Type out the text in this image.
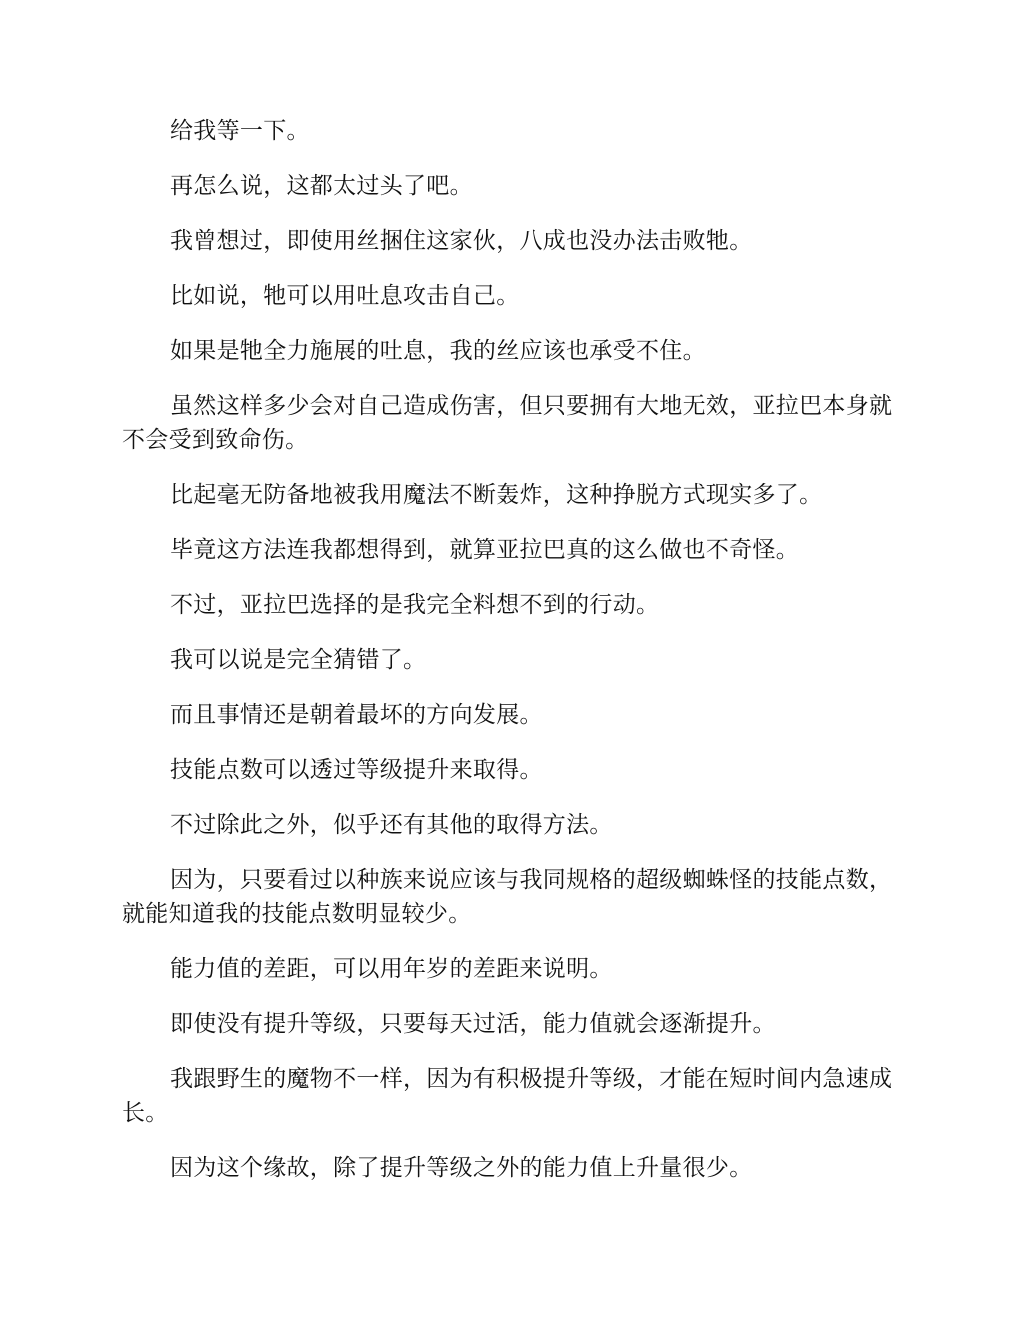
给我等一下。

再怎么说，这都太过头了吧。

我曾想过，即使用丝捆住这家伙，八成也没办法击败牠。

比如说，牠可以用吐息攻击自己。

如果是牠全力施展的吐息，我的丝应该也承受不住。

虽然这样多少会对自己造成伤害，但只要拥有大地无效，亚拉巴本身就不会受到致命伤。

比起毫无防备地被我用魔法不断轰炸，这种挣脱方式现实多了。

毕竟这方法连我都想得到，就算亚拉巴真的这么做也不奇怪。

不过，亚拉巴选择的是我完全料想不到的行动。

我可以说是完全猜错了。

而且事情还是朝着最坏的方向发展。

技能点数可以透过等级提升来取得。

不过除此之外，似乎还有其他的取得方法。

因为，只要看过以种族来说应该与我同规格的超级蜘蛛怪的技能点数，就能知道我的技能点数明显较少。

能力值的差距，可以用年岁的差距来说明。

即使没有提升等级，只要每天过活，能力值就会逐渐提升。

我跟野生的魔物不一样，因为有积极提升等级，才能在短时间内急速成长。

因为这个缘故，除了提升等级之外的能力值上升量很少。
